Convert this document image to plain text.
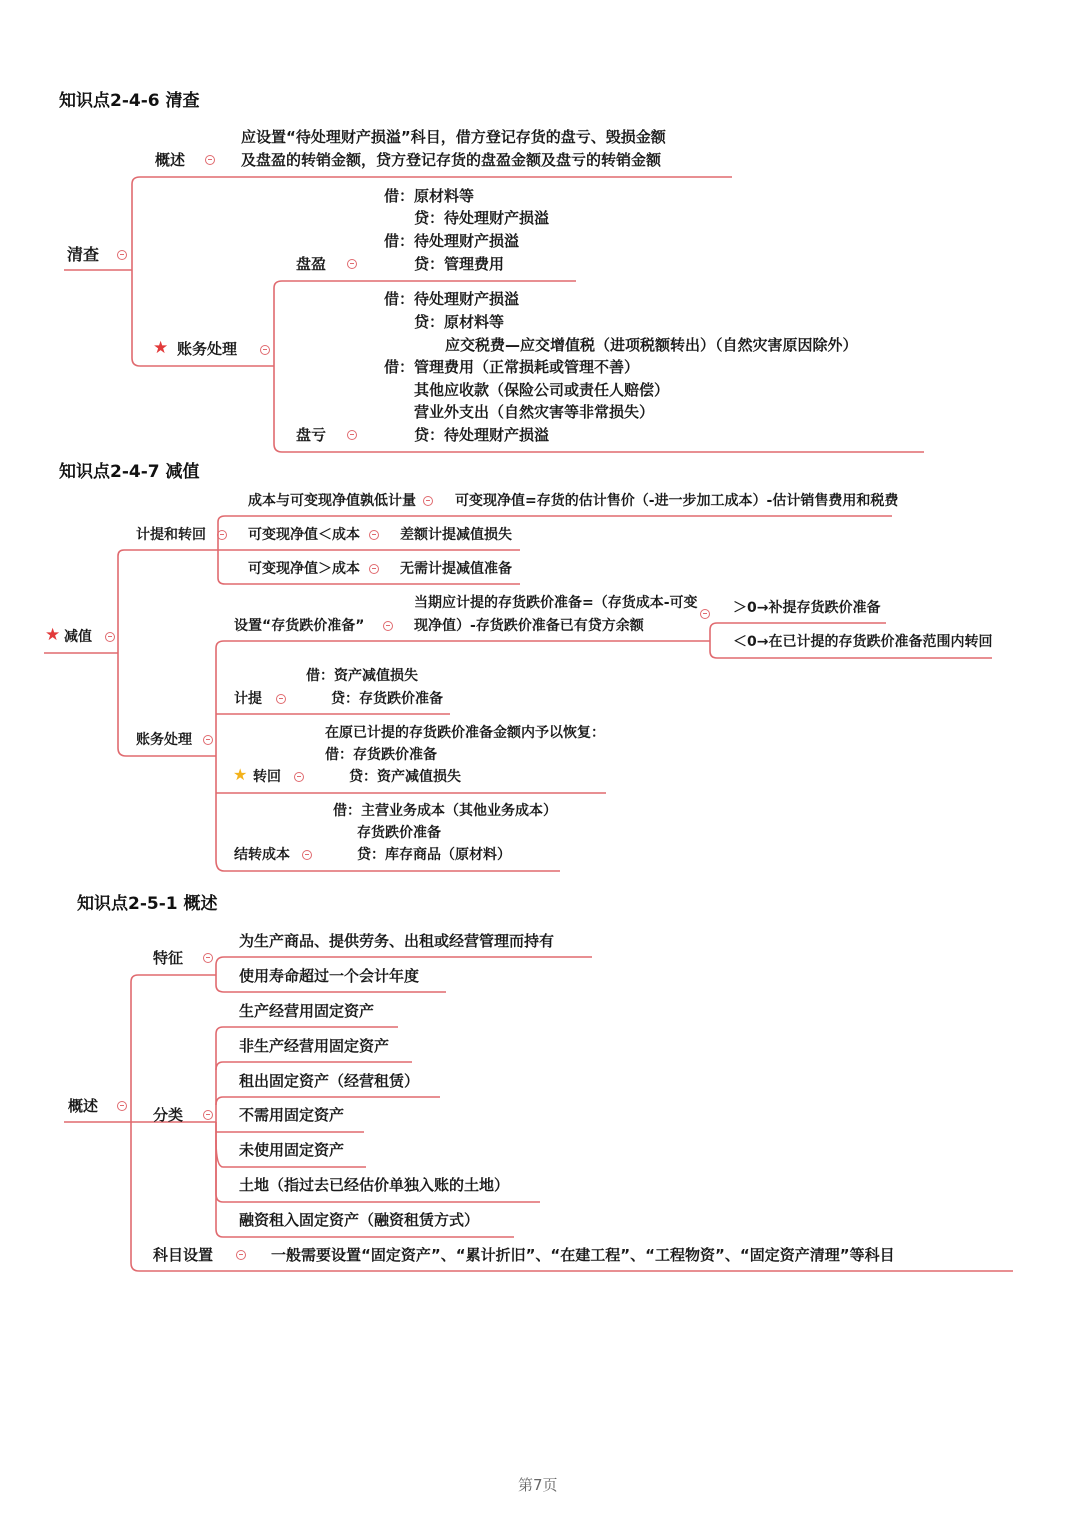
知识点2-4-6 清查
清查
概述
应设置“待处理财产损溢”科目，借方登记存货的盘亏、毁损金额
及盘盈的转销金额，贷方登记存货的盘盈金额及盘亏的转销金额
★ 账务处理
盘盈
借：原材料等
贷：待处理财产损溢
借：待处理财产损溢
贷：管理费用
盘亏
借：待处理财产损溢
贷：原材料等
应交税费—应交增值税（进项税额转出）（自然灾害原因除外）
借：管理费用（正常损耗或管理不善）
其他应收款（保险公司或责任人赔偿）
营业外支出（自然灾害等非常损失）
贷：待处理财产损溢
知识点2-4-7 减值
★ 减值
计提和转回
成本与可变现净值孰低计量	可变现净值=存货的估计售价（-进一步加工成本）-估计销售费用和税费
可变现净值＜成本	差额计提减值损失
可变现净值＞成本	无需计提减值准备
账务处理
设置“存货跌价准备”
当期应计提的存货跌价准备=（存货成本-可变
现净值）-存货跌价准备已有贷方余额
＞0→补提存货跌价准备
＜0→在已计提的存货跌价准备范围内转回
计提
借：资产减值损失
贷：存货跌价准备
★ 转回
在原已计提的存货跌价准备金额内予以恢复：
借：存货跌价准备
贷：资产减值损失
结转成本
借：主营业务成本（其他业务成本）
存货跌价准备
贷：库存商品（原材料）
知识点2-5-1 概述
概述
特征
为生产商品、提供劳务、出租或经营管理而持有
使用寿命超过一个会计年度
分类
生产经营用固定资产
非生产经营用固定资产
租出固定资产（经营租赁）
不需用固定资产
未使用固定资产
土地（指过去已经估价单独入账的土地）
融资租入固定资产（融资租赁方式）
科目设置	一般需要设置“固定资产”、“累计折旧”、“在建工程”、“工程物资”、“固定资产清理”等科目
第7页
